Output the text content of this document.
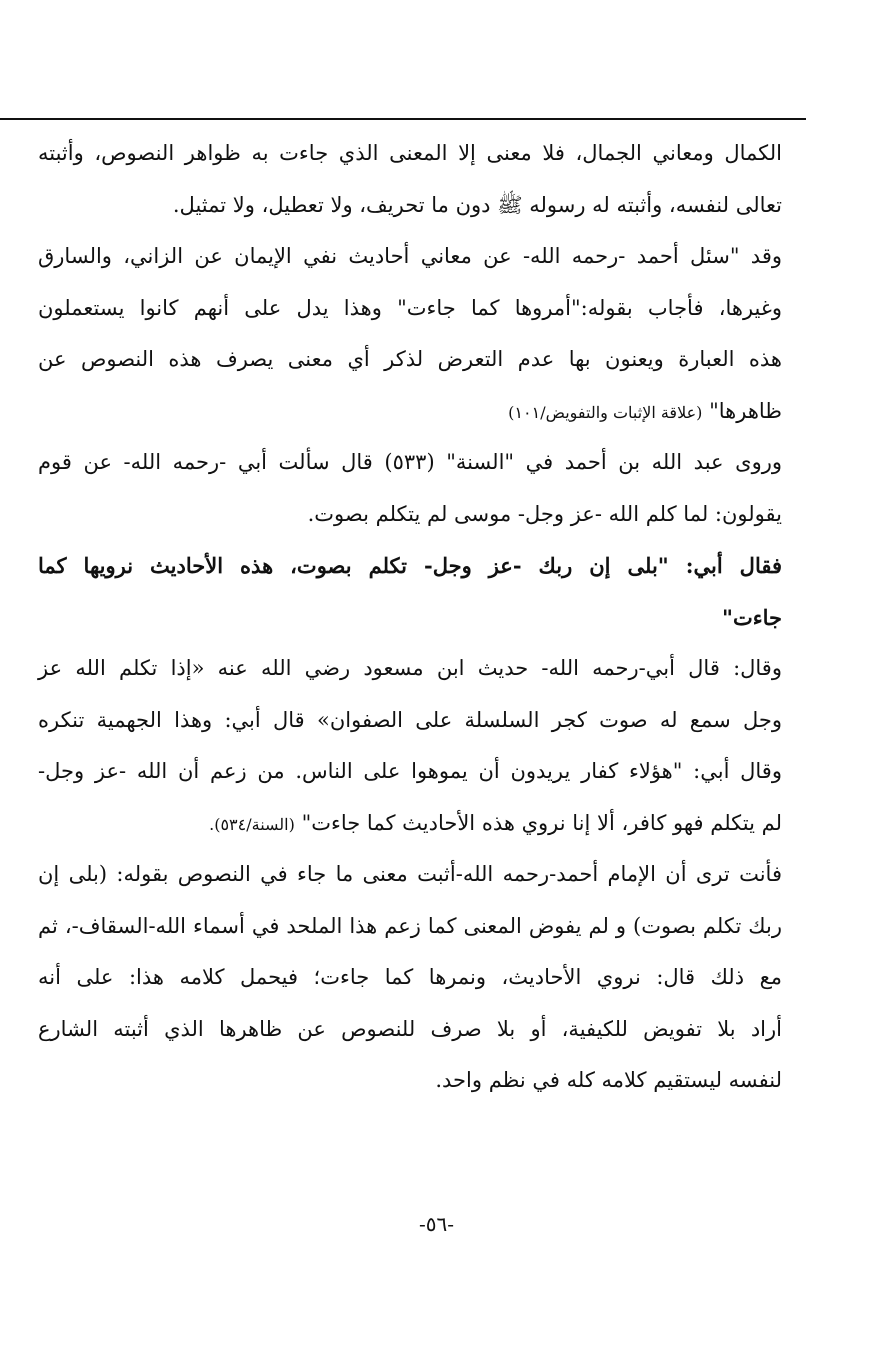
الكمال ومعاني الجمال، فلا معنى إلا المعنى الذي جاءت به ظواهر النصوص، وأثبته
تعالى لنفسه، وأثبته له رسوله ﷺ دون ما تحريف، ولا تعطيل، ولا تمثيل.
وقد "سئل أحمد -رحمه الله- عن معاني أحاديث نفي الإيمان عن الزاني، والسارق
وغيرها، فأجاب بقوله:"أمروها كما جاءت" وهذا يدل على أنهم كانوا يستعملون
هذه العبارة ويعنون بها عدم التعرض لذكر أي معنى يصرف هذه النصوص عن
ظاهرها" (علاقة الإثبات والتفويض/١٠١)
وروى عبد الله بن أحمد في "السنة" (٥٣٣) قال سألت أبي -رحمه الله- عن قوم
يقولون: لما كلم الله -عز وجل- موسى لم يتكلم بصوت.
فقال أبي: "بلى إن ربك -عز وجل- تكلم بصوت، هذه الأحاديث نرويها كما
جاءت"
وقال: قال أبي-رحمه الله- حديث ابن مسعود رضي الله عنه «إذا تكلم الله عز
وجل سمع له صوت كجر السلسلة على الصفوان» قال أبي: وهذا الجهمية تنكره
وقال أبي: "هؤلاء كفار يريدون أن يموهوا على الناس. من زعم أن الله -عز وجل-
لم يتكلم فهو كافر، ألا إنا نروي هذه الأحاديث كما جاءت" (السنة/٥٣٤).
فأنت ترى أن الإمام أحمد-رحمه الله-أثبت معنى ما جاء في النصوص بقوله: (بلى إن
ربك تكلم بصوت) و لم يفوض المعنى كما زعم هذا الملحد في أسماء الله-السقاف-، ثم
مع ذلك قال: نروي الأحاديث، ونمرها كما جاءت؛ فيحمل كلامه هذا: على أنه
أراد بلا تفويض للكيفية، أو بلا صرف للنصوص عن ظاهرها الذي أثبته الشارع
لنفسه ليستقيم كلامه كله في نظم واحد.
-٥٦-
